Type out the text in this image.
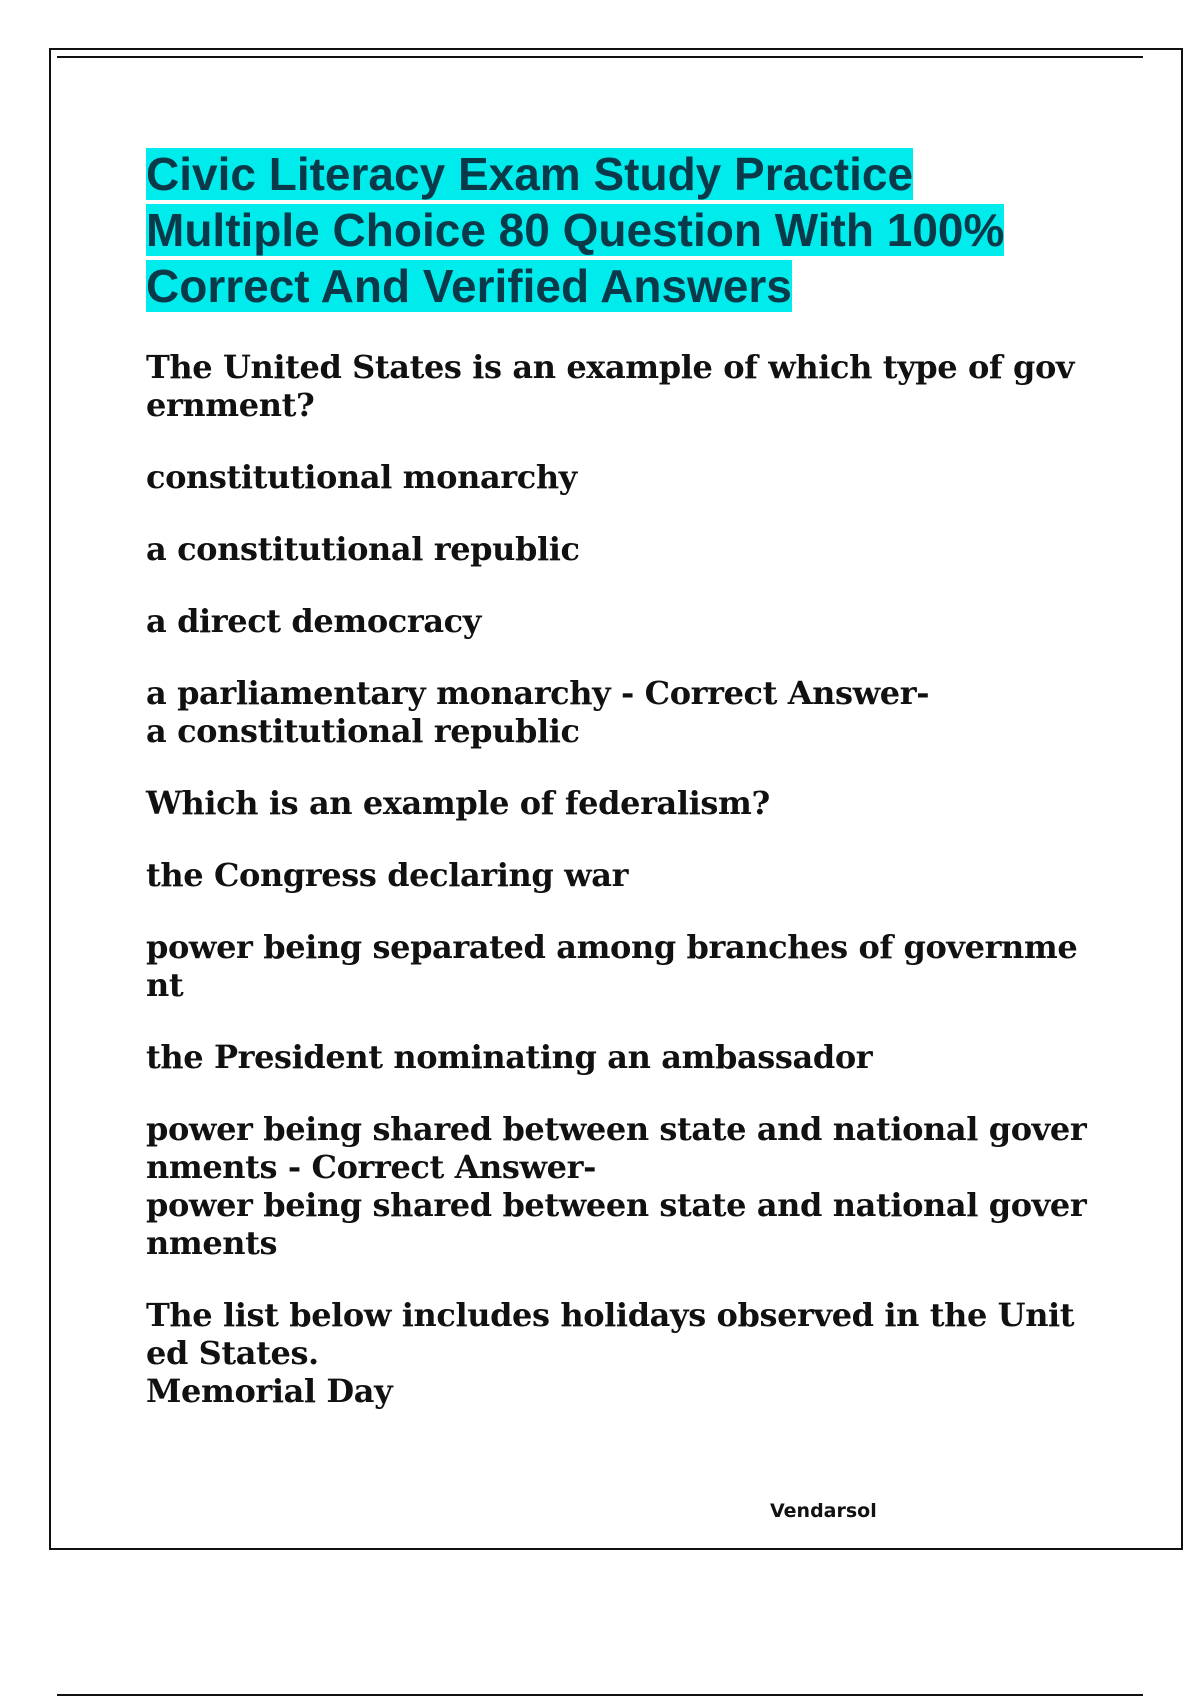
Civic Literacy Exam Study Practice Multiple Choice 80 Question With 100% Correct And Verified Answers
The United States is an example of which type of government?
constitutional monarchy
a constitutional republic
a direct democracy
a parliamentary monarchy - Correct Answer-
a constitutional republic
Which is an example of federalism?
the Congress declaring war
power being separated among branches of government
the President nominating an ambassador
power being shared between state and national governments - Correct Answer-
power being shared between state and national governments
The list below includes holidays observed in the United States.
Memorial Day
Vendarsol
